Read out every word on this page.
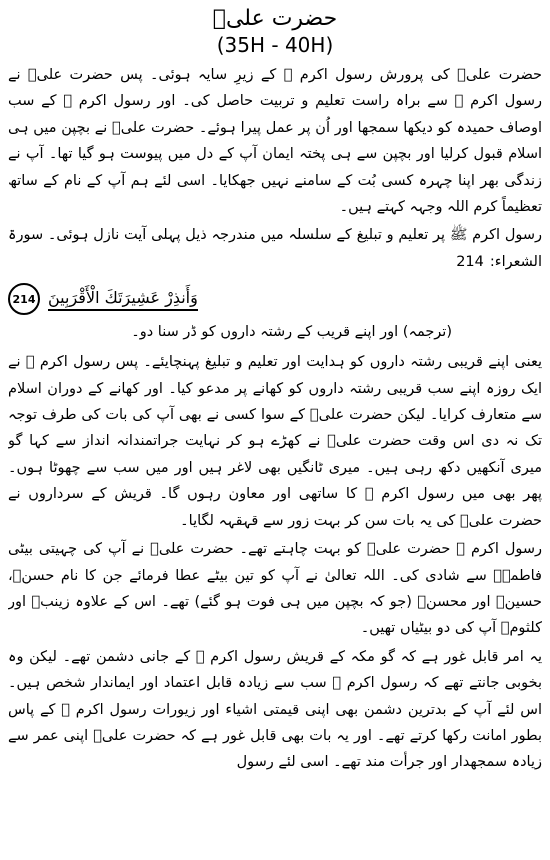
حضرت علیؓ
(35H - 40H)

حضرت علیؓ کی پرورش رسول اکرم ﷺ کے زیرِ سایہ ہوئی۔ پس حضرت علیؓ نے رسول اکرم ﷺ سے براہ راست تعلیم و تربیت حاصل کی۔ اور رسول اکرم ﷺ کے سب اوصاف حمیدہ کو دیکھا سمجھا اور اُن پر عمل پیرا ہوئے۔ حضرت علیؓ نے بچپن میں ہی اسلام قبول کرلیا اور بچپن سے ہی پختہ ایمان آپ کے دل میں پیوست ہو گیا تھا۔ آپ نے زندگی بھر اپنا چہرہ کسی بُت کے سامنے نہیں جھکایا۔ اسی لئے ہم آپ کے نام کے ساتھ تعظیماً کرم اللہ وجہہ کہتے ہیں۔

رسول اکرم ﷺ پر تعلیم و تبلیغ کے سلسلہ میں مندرجہ ذیل پہلی آیت نازل ہوئی۔ سورۃ الشعراء:214

214 وَأَنذِرْ عَشِيرَتَكَ الْأَقْرَبِينَ

(ترجمہ) اور اپنے قریب کے رشتہ داروں کو ڈر سنا دو۔

یعنی اپنے قریبی رشتہ داروں کو ہدایت اور تعلیم و تبلیغ پہنچایئے۔ پس رسول اکرم ﷺ نے ایک روزہ اپنے سب قریبی رشتہ داروں کو کھانے پر مدعو کیا۔ اور کھانے کے دوران اسلام سے متعارف کرایا۔ لیکن حضرت علیؓ کے سوا کسی نے بھی آپ کی بات کی طرف توجہ تک نہ دی اس وقت حضرت علیؓ نے کھڑے ہو کر نہایت جراتمندانہ انداز سے کہا گو میری آنکھیں دکھ رہی ہیں۔ میری ٹانگیں بھی لاغر ہیں اور میں سب سے چھوٹا ہوں۔ پھر بھی میں رسول اکرم ﷺ کا ساتھی اور معاون رہوں گا۔ قریش کے سرداروں نے حضرت علیؓ کی یہ بات سن کر بہت زور سے قہقہہ لگایا۔

رسول اکرم ﷺ حضرت علیؓ کو بہت چاہتے تھے۔ حضرت علیؓ نے آپ کی چہیتی بیٹی فاطمہؓ سے شادی کی۔ اللہ تعالیٰ نے آپ کو تین بیٹے عطا فرمائے جن کا نام حسنؓ، حسینؓ اور محسنؓ (جو کہ بچپن میں ہی فوت ہو گئے) تھے۔ اس کے علاوہ زینبؓ اور کلثومؓ آپ کی دو بیٹیاں تھیں۔

یہ امر قابل غور ہے کہ گو مکہ کے قریش رسول اکرم ﷺ کے جانی دشمن تھے۔ لیکن وہ بخوبی جانتے تھے کہ رسول اکرم ﷺ سب سے زیادہ قابل اعتماد اور ایماندار شخص ہیں۔ اس لئے آپ کے بدترین دشمن بھی اپنی قیمتی اشیاء اور زیورات رسول اکرم ﷺ کے پاس بطور امانت رکھا کرتے تھے۔ اور یہ بات بھی قابل غور ہے کہ حضرت علیؓ اپنی عمر سے زیادہ سمجھدار اور جرأت مند تھے۔ اسی لئے رسول
